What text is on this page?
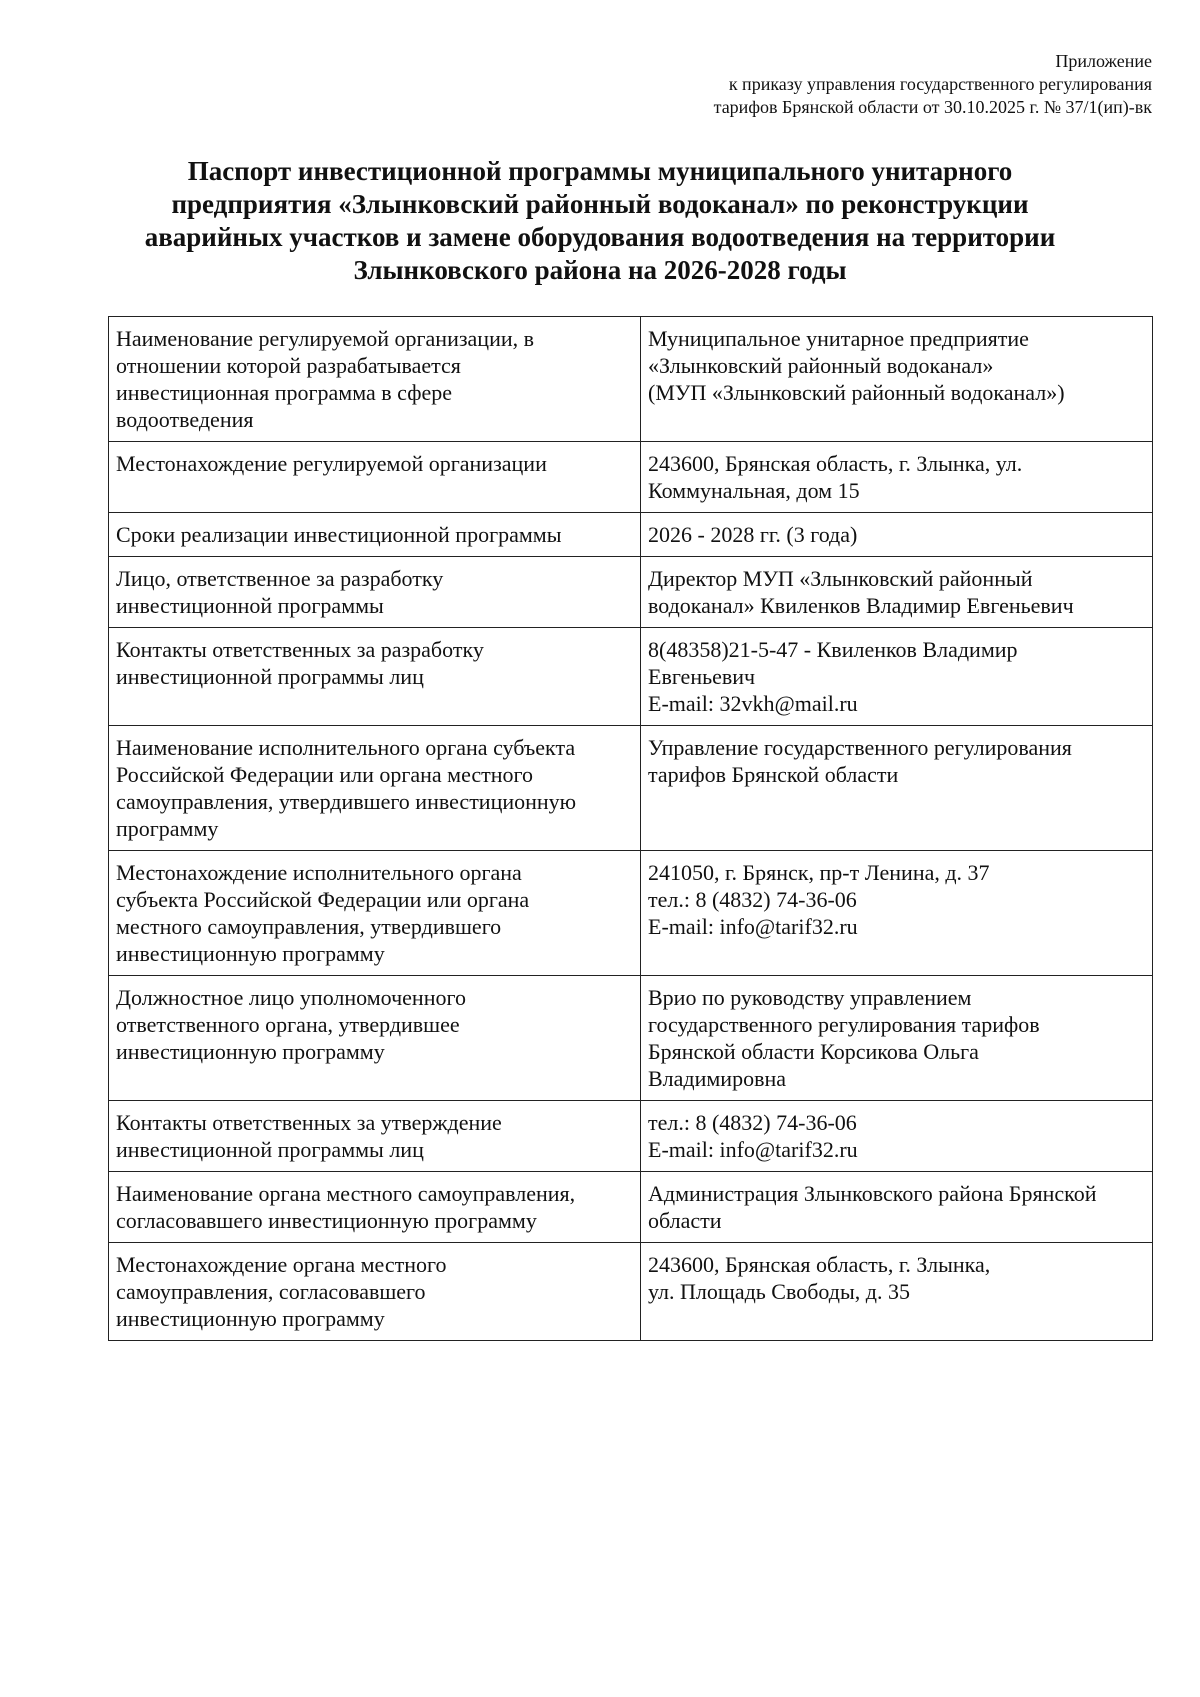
Приложение
к приказу управления государственного регулирования
тарифов Брянской области от 30.10.2025 г. № 37/1(ип)-вк
Паспорт инвестиционной программы муниципального унитарного
предприятия «Злынковский районный водоканал» по реконструкции
аварийных участков и замене оборудования водоотведения на территории
Злынковского района на 2026-2028 годы
Наименование регулируемой организации, в
отношении которой разрабатывается
инвестиционная программа в сфере
водоотведения	Муниципальное унитарное предприятие
«Злынковский районный водоканал»
(МУП «Злынковский районный водоканал»)

Местонахождение регулируемой организации	243600, Брянская область, г. Злынка, ул.
Коммунальная, дом 15

Сроки реализации инвестиционной программы	2026 - 2028 гг. (3 года)

Лицо, ответственное за разработку
инвестиционной программы	Директор МУП «Злынковский районный
водоканал» Квиленков Владимир Евгеньевич

Контакты ответственных за разработку
инвестиционной программы лиц	8(48358)21-5-47 - Квиленков Владимир
Евгеньевич
E-mail: 32vkh@mail.ru

Наименование исполнительного органа субъекта
Российской Федерации или органа местного
самоуправления, утвердившего инвестиционную
программу	Управление государственного регулирования
тарифов Брянской области

Местонахождение исполнительного органа
субъекта Российской Федерации или органа
местного самоуправления, утвердившего
инвестиционную программу	241050, г. Брянск, пр-т Ленина, д. 37
тел.: 8 (4832) 74-36-06
E-mail: info@tarif32.ru

Должностное лицо уполномоченного
ответственного органа, утвердившее
инвестиционную программу	Врио по руководству управлением
государственного регулирования тарифов
Брянской области Корсикова Ольга
Владимировна

Контакты ответственных за утверждение
инвестиционной программы лиц	тел.: 8 (4832) 74-36-06
E-mail: info@tarif32.ru

Наименование органа местного самоуправления,
согласовавшего инвестиционную программу	Администрация Злынковского района Брянской
области

Местонахождение органа местного
самоуправления, согласовавшего
инвестиционную программу	243600, Брянская область, г. Злынка,
ул. Площадь Свободы, д. 35
